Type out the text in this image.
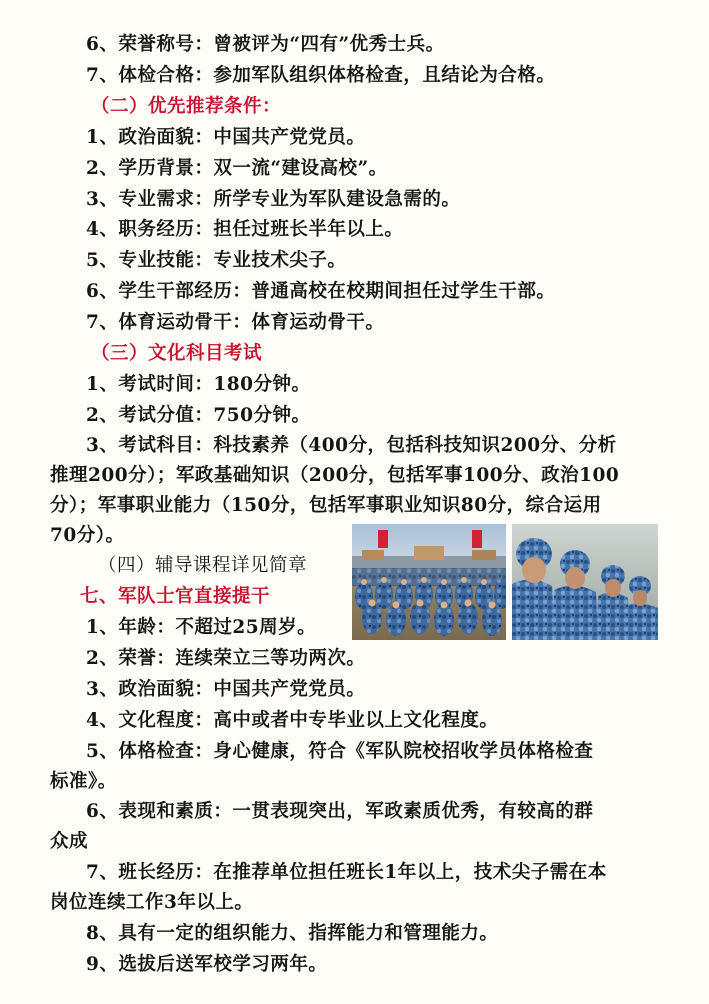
6、荣誉称号：曾被评为“四有”优秀士兵。
7、体检合格：参加军队组织体格检查，且结论为合格。
（二）优先推荐条件：
1、政治面貌：中国共产党党员。
2、学历背景：双一流“建设高校”。
3、专业需求：所学专业为军队建设急需的。
4、职务经历：担任过班长半年以上。
5、专业技能：专业技术尖子。
6、学生干部经历：普通高校在校期间担任过学生干部。
7、体育运动骨干：体育运动骨干。
（三）文化科目考试
1、考试时间：180分钟。
2、考试分值：750分钟。
3、考试科目：科技素养（400分，包括科技知识200分、分析
推理200分）；军政基础知识（200分，包括军事100分、政治100
分）；军事职业能力（150分，包括军事职业知识80分，综合运用
70分）。
（四）辅导课程详见简章
七、军队士官直接提干
1、年龄：不超过25周岁。
2、荣誉：连续荣立三等功两次。
3、政治面貌：中国共产党党员。
4、文化程度：高中或者中专毕业以上文化程度。
5、体格检查：身心健康，符合《军队院校招收学员体格检查
标准》。
6、表现和素质：一贯表现突出，军政素质优秀，有较高的群
众成
7、班长经历：在推荐单位担任班长1年以上，技术尖子需在本
岗位连续工作3年以上。
8、具有一定的组织能力、指挥能力和管理能力。
9、选拔后送军校学习两年。
